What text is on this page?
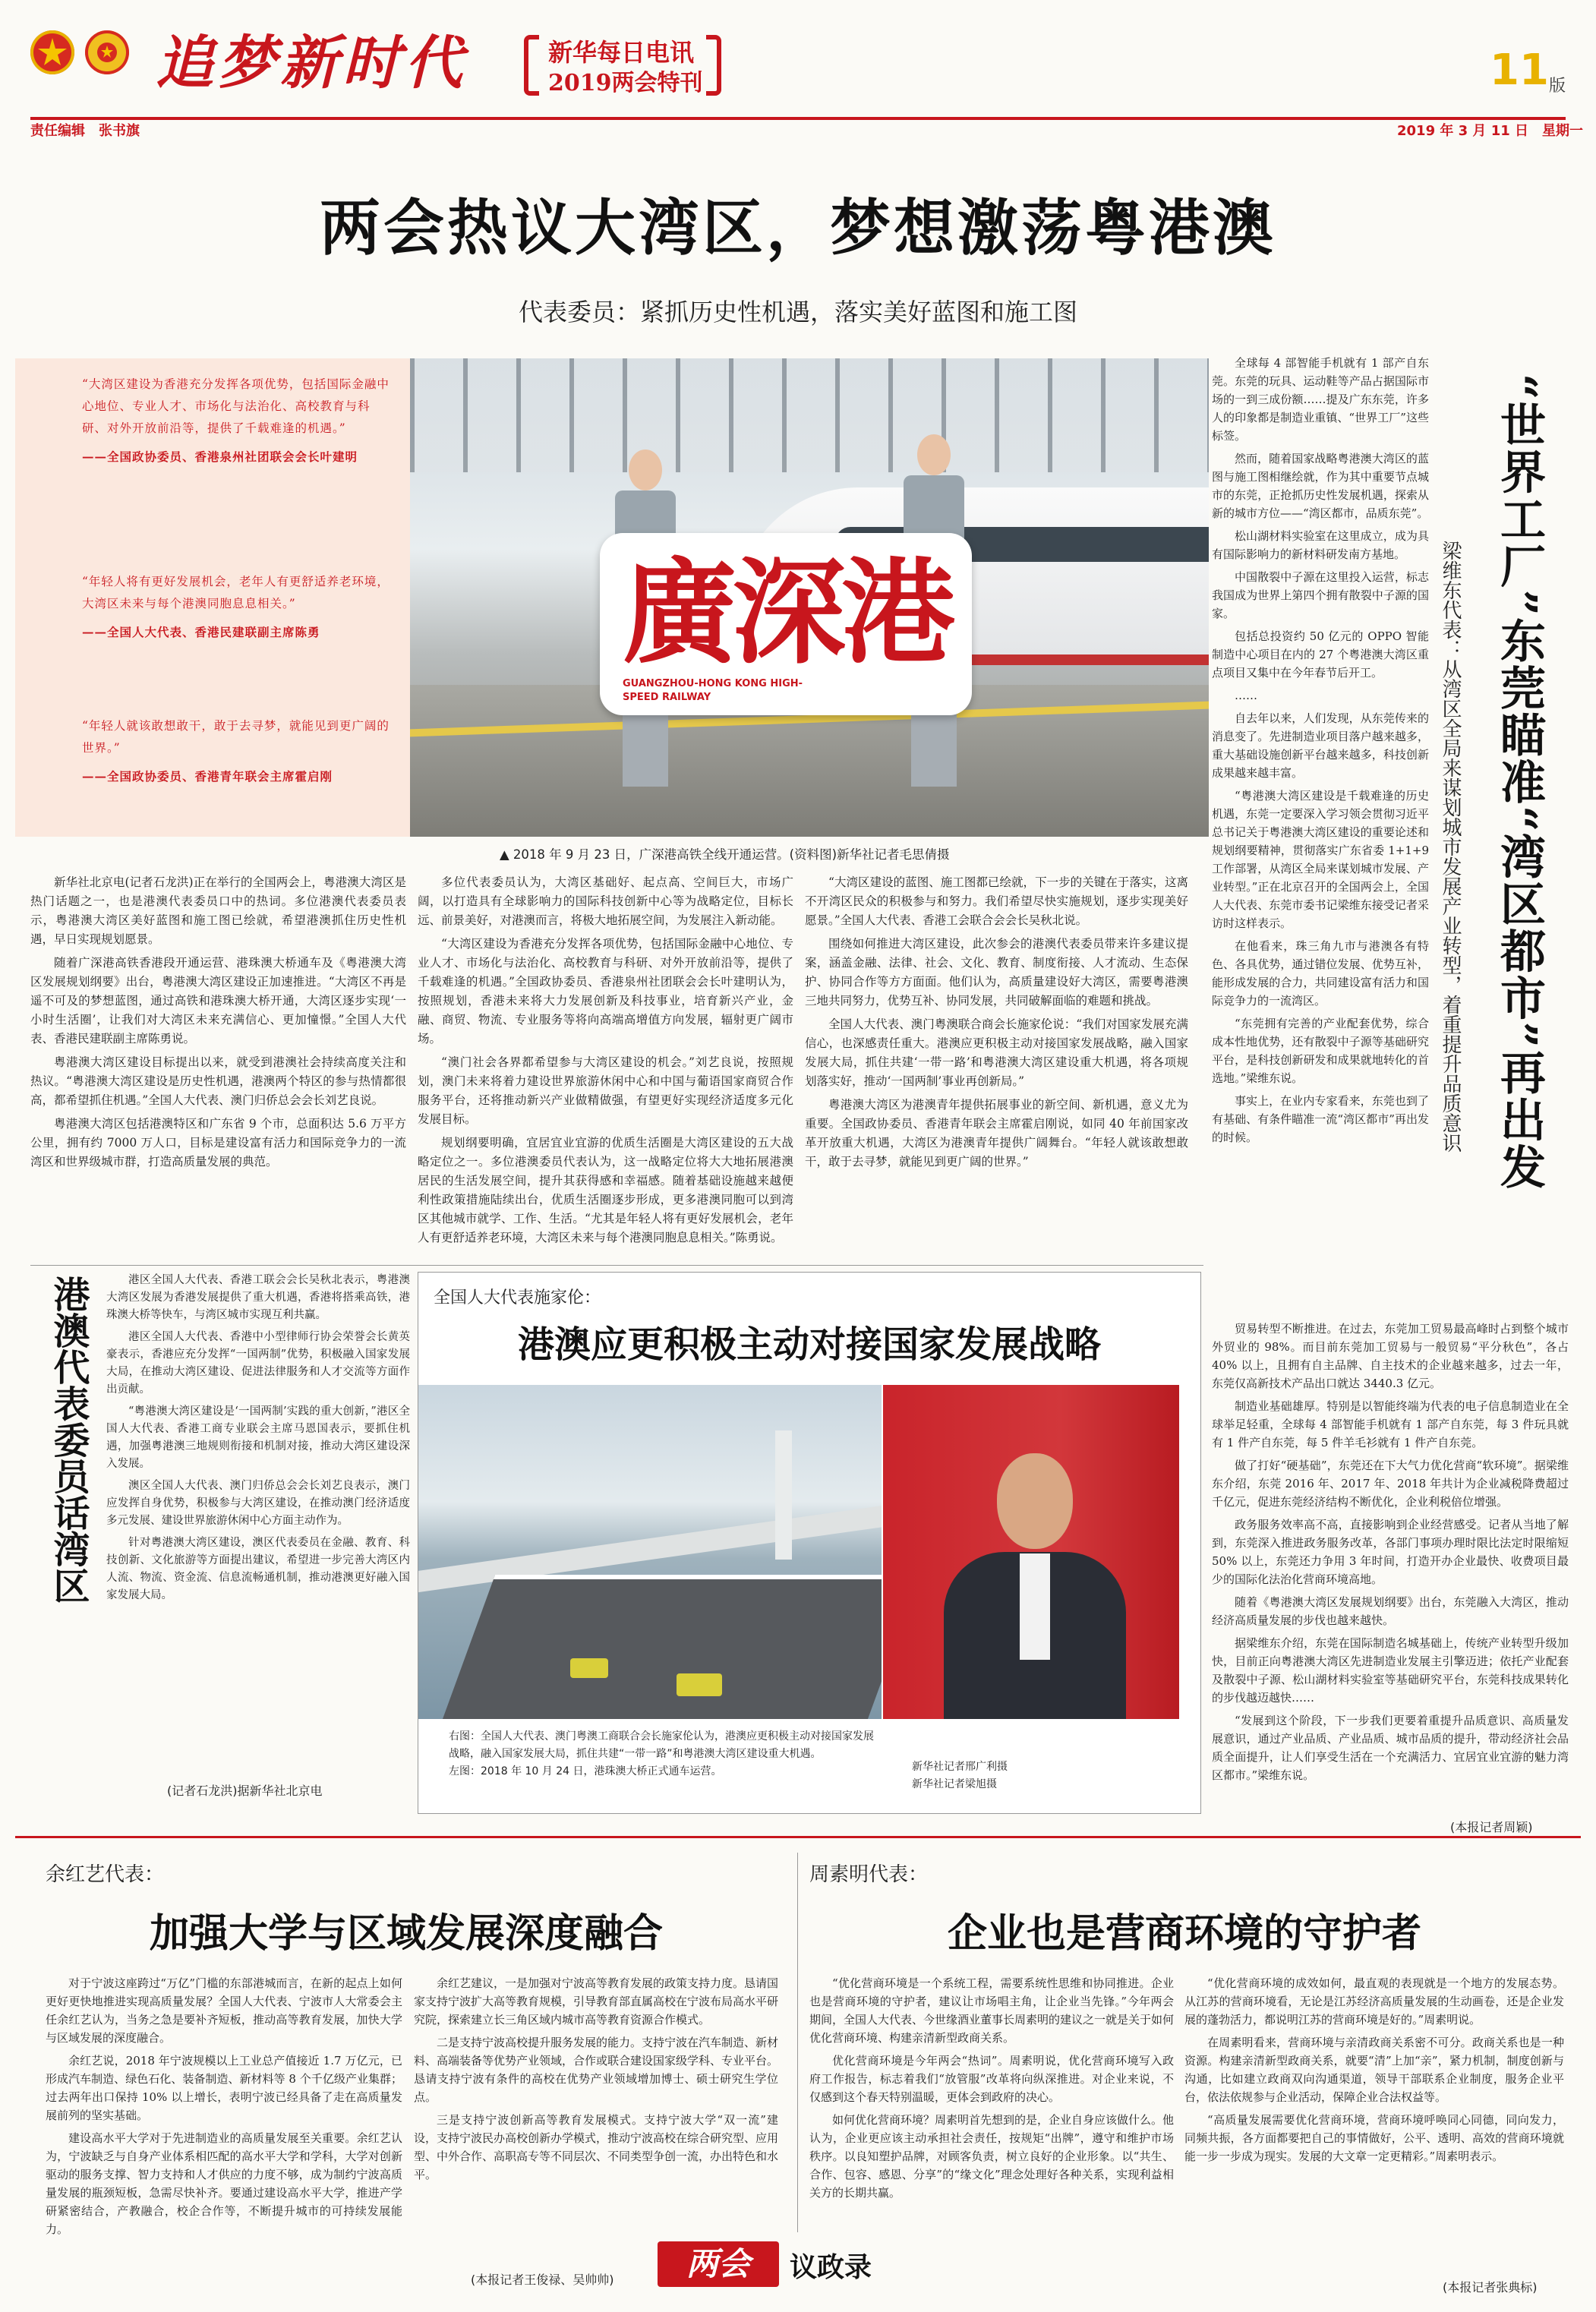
追梦新时代	新华每日电讯
2019两会特刊	11 版
责任编辑　张书旗	2019 年 3 月 11 日　星期一
两会热议大湾区，梦想激荡粤港澳
代表委员：紧抓历史性机遇，落实美好蓝图和施工图
“大湾区建设为香港充分发挥各项优势，包括国际金融中心地位、专业人才、市场化与法治化、高校教育与科研、对外开放前沿等，提供了千载难逢的机遇。”
——全国政协委员、香港泉州社团联会会长叶建明
“年轻人将有更好发展机会，老年人有更舒适养老环境，大湾区未来与每个港澳同胞息息相关。”
——全国人大代表、香港民建联副主席陈勇
“年轻人就该敢想敢干，敢于去寻梦，就能见到更广阔的世界。”
——全国政协委员、香港青年联会主席霍启刚
廣深港
GUANGZHOU-HONG KONG HIGH-SPEED RAILWAY
▲ 2018 年 9 月 23 日，广深港高铁全线开通运营。(资料图)新华社记者毛思倩摄

新华社北京电(记者石龙洪)正在举行的全国两会上，粤港澳大湾区是热门话题之一，也是港澳代表委员口中的热词。多位港澳代表委员表示，粤港澳大湾区美好蓝图和施工图已绘就，希望港澳抓住历史性机遇，早日实现规划愿景。

随着广深港高铁香港段开通运营、港珠澳大桥通车及《粤港澳大湾区发展规划纲要》出台，粤港澳大湾区建设正加速推进。“大湾区不再是遥不可及的梦想蓝图，通过高铁和港珠澳大桥开通，大湾区逐步实现‘一小时生活圈’，让我们对大湾区未来充满信心、更加憧憬。”全国人大代表、香港民建联副主席陈勇说。

粤港澳大湾区建设目标提出以来，就受到港澳社会持续高度关注和热议。“粤港澳大湾区建设是历史性机遇，港澳两个特区的参与热情都很高，都希望抓住机遇。”全国人大代表、澳门归侨总会会长刘艺良说。

粤港澳大湾区包括港澳特区和广东省 9 个市，总面积达 5.6 万平方公里，拥有约 7000 万人口，目标是建设富有活力和国际竞争力的一流湾区和世界级城市群，打造高质量发展的典范。

多位代表委员认为，大湾区基础好、起点高、空间巨大，市场广阔，以打造具有全球影响力的国际科技创新中心等为战略定位，目标长远、前景美好，对港澳而言，将极大地拓展空间，为发展注入新动能。

“大湾区建设为香港充分发挥各项优势，包括国际金融中心地位、专业人才、市场化与法治化、高校教育与科研、对外开放前沿等，提供了千载难逢的机遇。”全国政协委员、香港泉州社团联会会长叶建明认为，按照规划，香港未来将大力发展创新及科技事业，培育新兴产业，金融、商贸、物流、专业服务等将向高端高增值方向发展，辐射更广阔市场。

“澳门社会各界都希望参与大湾区建设的机会。”刘艺良说，按照规划，澳门未来将着力建设世界旅游休闲中心和中国与葡语国家商贸合作服务平台，还将推动新兴产业做精做强，有望更好实现经济适度多元化发展目标。

规划纲要明确，宜居宜业宜游的优质生活圈是大湾区建设的五大战略定位之一。多位港澳委员代表认为，这一战略定位将大大地拓展港澳居民的生活发展空间，提升其获得感和幸福感。随着基础设施越来越便利性政策措施陆续出台，优质生活圈逐步形成，更多港澳同胞可以到湾区其他城市就学、工作、生活。“尤其是年轻人将有更好发展机会，老年人有更舒适养老环境，大湾区未来与每个港澳同胞息息相关。”陈勇说。

“大湾区建设的蓝图、施工图都已绘就，下一步的关键在于落实，这离不开湾区民众的积极参与和努力。我们希望尽快实施规划，逐步实现美好愿景。”全国人大代表、香港工会联合会会长吴秋北说。

围绕如何推进大湾区建设，此次参会的港澳代表委员带来许多建议提案，涵盖金融、法律、社会、文化、教育、制度衔接、人才流动、生态保护、协同合作等方方面面。他们认为，高质量建设好大湾区，需要粤港澳三地共同努力，优势互补、协同发展，共同破解面临的难题和挑战。

全国人大代表、澳门粤澳联合商会长施家伦说：“我们对国家发展充满信心，也深感责任重大。港澳应更积极主动对接国家发展战略，融入国家发展大局，抓住共建‘一带一路’和粤港澳大湾区建设重大机遇，将各项规划落实好，推动‘一国两制’事业再创新局。”

粤港澳大湾区为港澳青年提供拓展事业的新空间、新机遇，意义尤为重要。全国政协委员、香港青年联会主席霍启刚说，如同 40 年前国家改革开放重大机遇，大湾区为港澳青年提供广阔舞台。“年轻人就该敢想敢干，敢于去寻梦，就能见到更广阔的世界。”

港澳代表委员话湾区	港区全国人大代表、香港工联会会长吴秋北表示，粤港澳大湾区发展为香港发展提供了重大机遇，香港将搭乘高铁，港珠澳大桥等快车，与湾区城市实现互利共赢。

港区全国人大代表、香港中小型律师行协会荣誉会长黄英豪表示，香港应充分发挥“一国两制”优势，积极融入国家发展大局，在推动大湾区建设、促进法律服务和人才交流等方面作出贡献。

“粤港澳大湾区建设是‘一国两制’实践的重大创新，”港区全国人大代表、香港工商专业联会主席马恩国表示，要抓住机遇，加强粤港澳三地规则衔接和机制对接，推动大湾区建设深入发展。

澳区全国人大代表、澳门归侨总会会长刘艺良表示，澳门应发挥自身优势，积极参与大湾区建设，在推动澳门经济适度多元发展、建设世界旅游休闲中心方面主动作为。

针对粤港澳大湾区建设，澳区代表委员在金融、教育、科技创新、文化旅游等方面提出建议，希望进一步完善大湾区内人流、物流、资金流、信息流畅通机制，推动港澳更好融入国家发展大局。

(记者石龙洪)据新华社北京电
全国人大代表施家伦：
港澳应更积极主动对接国家发展战略
右图：全国人大代表、澳门粤澳工商联合会长施家伦认为，港澳应更积极主动对接国家发展战略，融入国家发展大局，抓住共建“一带一路”和粤港澳大湾区建设重大机遇。
左图：2018 年 10 月 24 日，港珠澳大桥正式通车运营。	新华社记者邢广利摄
新华社记者梁旭摄

全球每 4 部智能手机就有 1 部产自东莞。东莞的玩具、运动鞋等产品占据国际市场的一到三成份额……提及广东东莞，许多人的印象都是制造业重镇、“世界工厂”这些标签。

然而，随着国家战略粤港澳大湾区的蓝图与施工图相继绘就，作为其中重要节点城市的东莞，正抢抓历史性发展机遇，探索从新的城市方位——“湾区都市，品质东莞”。

松山湖材料实验室在这里成立，成为具有国际影响力的新材料研发南方基地。

中国散裂中子源在这里投入运营，标志我国成为世界上第四个拥有散裂中子源的国家。

包括总投资约 50 亿元的 OPPO 智能制造中心项目在内的 27 个粤港澳大湾区重点项目又集中在今年春节后开工。

……

自去年以来，人们发现，从东莞传来的消息变了。先进制造业项目落户越来越多，重大基础设施创新平台越来越多，科技创新成果越来越丰富。

“粤港澳大湾区建设是千载难逢的历史机遇，东莞一定要深入学习领会贯彻习近平总书记关于粤港澳大湾区建设的重要论述和规划纲要精神，贯彻落实广东省委 1+1+9 工作部署，从湾区全局来谋划城市发展、产业转型。”正在北京召开的全国两会上，全国人大代表、东莞市委书记梁维东接受记者采访时这样表示。

在他看来，珠三角九市与港澳各有特色、各具优势，通过错位发展、优势互补，能形成发展的合力，共同建设富有活力和国际竞争力的一流湾区。

“东莞拥有完善的产业配套优势，综合成本性地优势，还有散裂中子源等基础研究平台，是科技创新研发和成果就地转化的首选地。”梁维东说。

事实上，在业内专家看来，东莞也到了有基础、有条件瞄准一流“湾区都市”再出发的时候。	“世界工厂”东莞瞄准“湾区都市”再出发
梁维东代表：从湾区全局来谋划城市发展产业转型，着重提升品质意识

贸易转型不断推进。在过去，东莞加工贸易最高峰时占到整个城市外贸业的 98%。而目前东莞加工贸易与一般贸易“平分秋色”，各占 40% 以上，且拥有自主品牌、自主技术的企业越来越多，过去一年，东莞仅高新技术产品出口就达 3440.3 亿元。

制造业基础雄厚。特别是以智能终端为代表的电子信息制造业在全球举足轻重，全球每 4 部智能手机就有 1 部产自东莞，每 3 件玩具就有 1 件产自东莞，每 5 件羊毛衫就有 1 件产自东莞。

做了打好“硬基础”，东莞还在下大气力优化营商“软环境”。据梁维东介绍，东莞 2016 年、2017 年、2018 年共计为企业减税降费超过千亿元，促进东莞经济结构不断优化，企业利税倍位增强。

政务服务效率高不高，直接影响到企业经营感受。记者从当地了解到，东莞深入推进政务服务改革，各部门事项办理时限比法定时限缩短 50% 以上，东莞还力争用 3 年时间，打造开办企业最快、收费项目最少的国际化法治化营商环境高地。

随着《粤港澳大湾区发展规划纲要》出台，东莞融入大湾区，推动经济高质量发展的步伐也越来越快。

据梁维东介绍，东莞在国际制造名城基础上，传统产业转型升级加快，目前正向粤港澳大湾区先进制造业发展主引擎迈进；依托产业配套及散裂中子源、松山湖材料实验室等基础研究平台，东莞科技成果转化的步伐越迈越快……

“发展到这个阶段，下一步我们更要着重提升品质意识、高质量发展意识，通过产业品质、产业品质、城市品质的提升，带动经济社会品质全面提升，让人们享受生活在一个充满活力、宜居宜业宜游的魅力湾区都市。”梁维东说。

(本报记者周颖)
余红艺代表：
加强大学与区域发展深度融合

对于宁波这座跨过“万亿”门槛的东部港城而言，在新的起点上如何更好更快地推进实现高质量发展？全国人大代表、宁波市人大常委会主任余红艺认为，当务之急是要补齐短板，推动高等教育发展，加快大学与区域发展的深度融合。

余红艺说，2018 年宁波规模以上工业总产值接近 1.7 万亿元，已形成汽车制造、绿色石化、装备制造、新材料等 8 个千亿级产业集群；过去两年出口保持 10% 以上增长，表明宁波已经具备了走在高质量发展前列的坚实基础。

建设高水平大学对于先进制造业的高质量发展至关重要。余红艺认为，宁波缺乏与自身产业体系相匹配的高水平大学和学科，大学对创新驱动的服务支撑、智力支持和人才供应的力度不够，成为制约宁波高质量发展的瓶颈短板，急需尽快补齐。要通过建设高水平大学，推进产学研紧密结合，产教融合，校企合作等，不断提升城市的可持续发展能力。

余红艺建议，一是加强对宁波高等教育发展的政策支持力度。恳请国家支持宁波扩大高等教育规模，引导教育部直属高校在宁波布局高水平研究院，探索建立长三角区域内城市高等教育资源合作模式。

二是支持宁波高校提升服务发展的能力。支持宁波在汽车制造、新材料、高端装备等优势产业领域，合作或联合建设国家级学科、专业平台。恳请支持宁波有条件的高校在优势产业领域增加博士、硕士研究生学位点。

三是支持宁波创新高等教育发展模式。支持宁波大学“双一流”建设，支持宁波民办高校创新办学模式，推动宁波高校在综合研究型、应用型、中外合作、高职高专等不同层次、不同类型争创一流，办出特色和水平。

(本报记者王俊禄、吴帅帅)
周素明代表：
企业也是营商环境的守护者

“优化营商环境是一个系统工程，需要系统性思维和协同推进。企业也是营商环境的守护者，建议让市场唱主角，让企业当先锋。”今年两会期间，全国人大代表、今世缘酒业董事长周素明的建议之一就是关于如何优化营商环境、构建亲清新型政商关系。

优化营商环境是今年两会“热词”。周素明说，优化营商环境写入政府工作报告，标志着我们“放管服”改革将向纵深推进。对企业来说，不仅感到这个春天特别温暖，更体会到政府的决心。

如何优化营商环境？周素明首先想到的是，企业自身应该做什么。他认为，企业更应该主动承担社会责任，按规矩“出牌”，遵守和维护市场秩序。以良知塑护品牌，对顾客负责，树立良好的企业形象。以“共生、合作、包容、感恩、分享”的“缘文化”理念处理好各种关系，实现利益相关方的长期共赢。

“优化营商环境的成效如何，最直观的表现就是一个地方的发展态势。从江苏的营商环境看，无论是江苏经济高质量发展的生动画卷，还是企业发展的蓬勃活力，都说明江苏的营商环境是好的。”周素明说。

在周素明看来，营商环境与亲清政商关系密不可分。政商关系也是一种资源。构建亲清新型政商关系，就要“清”上加“亲”，紧力机制，制度创新与沟通，比如建立政商双向沟通渠道，领导干部联系企业制度，服务企业平台，依法依规参与企业活动，保障企业合法权益等。

“高质量发展需要优化营商环境，营商环境呼唤同心同德，同向发力，同频共振，各方面都要把自己的事情做好，公平、透明、高效的营商环境就能一步一步成为现实。发展的大文章一定更精彩。”周素明表示。

(本报记者张典标)
两会	议政录
